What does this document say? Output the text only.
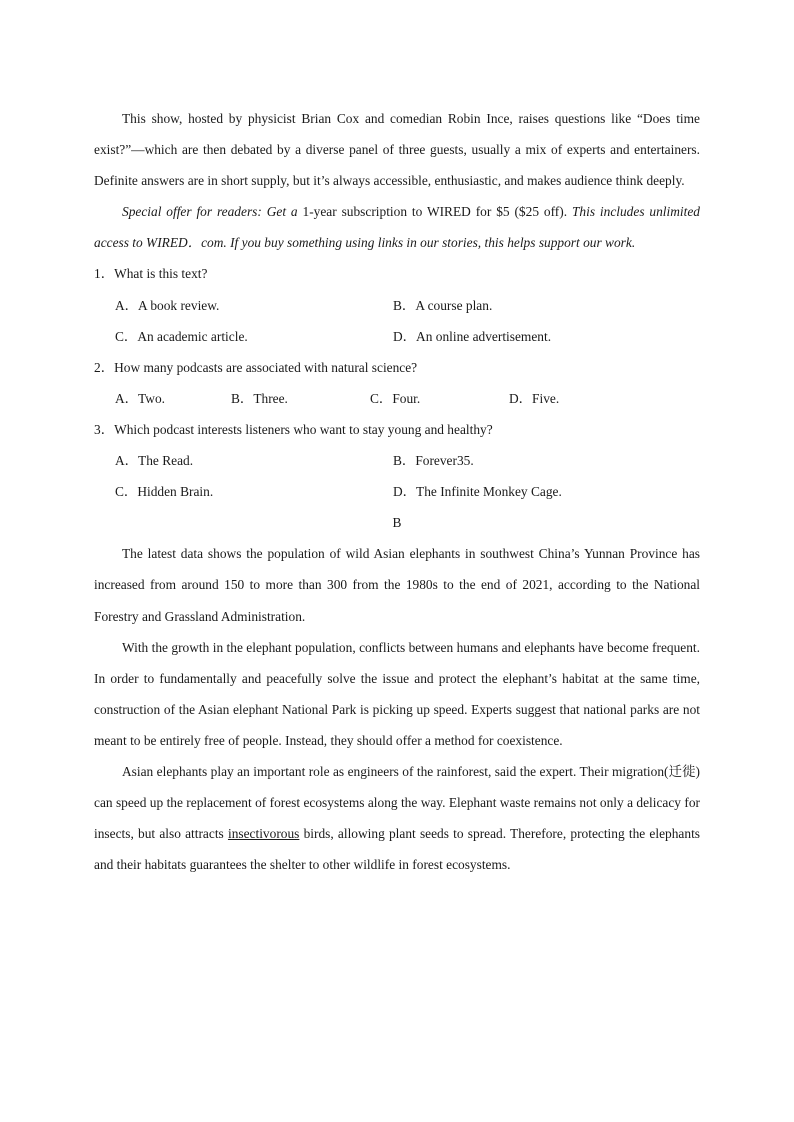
This show, hosted by physicist Brian Cox and comedian Robin Ince, raises questions like “Does time exist?”—which are then debated by a diverse panel of three guests, usually a mix of experts and entertainers. Definite answers are in short supply, but it’s always accessible, enthusiastic, and makes audience think deeply.

Special offer for readers: Get a 1-year subscription to WIRED for $5 ($25 off). This includes unlimited access to WIRED．com. If you buy something using links in our stories, this helps support our work.

1．What is this text?
A．A book review.	B．A course plan.
C．An academic article.	D．An online advertisement.
2．How many podcasts are associated with natural science?
A．Two.	B．Three.	C．Four.	D．Five.
3．Which podcast interests listeners who want to stay young and healthy?
A．The Read.	B．Forever35.
C．Hidden Brain.	D．The Infinite Monkey Cage.
B

The latest data shows the population of wild Asian elephants in southwest China’s Yunnan Province has increased from around 150 to more than 300 from the 1980s to the end of 2021, according to the National Forestry and Grassland Administration.

With the growth in the elephant population, conflicts between humans and elephants have become frequent. In order to fundamentally and peacefully solve the issue and protect the elephant’s habitat at the same time, construction of the Asian elephant National Park is picking up speed. Experts suggest that national parks are not meant to be entirely free of people. Instead, they should offer a method for coexistence.

Asian elephants play an important role as engineers of the rainforest, said the expert. Their migration(迁徙) can speed up the replacement of forest ecosystems along the way. Elephant waste remains not only a delicacy for insects, but also attracts insectivorous birds, allowing plant seeds to spread. Therefore, protecting the elephants and their habitats guarantees the shelter to other wildlife in forest ecosystems.
